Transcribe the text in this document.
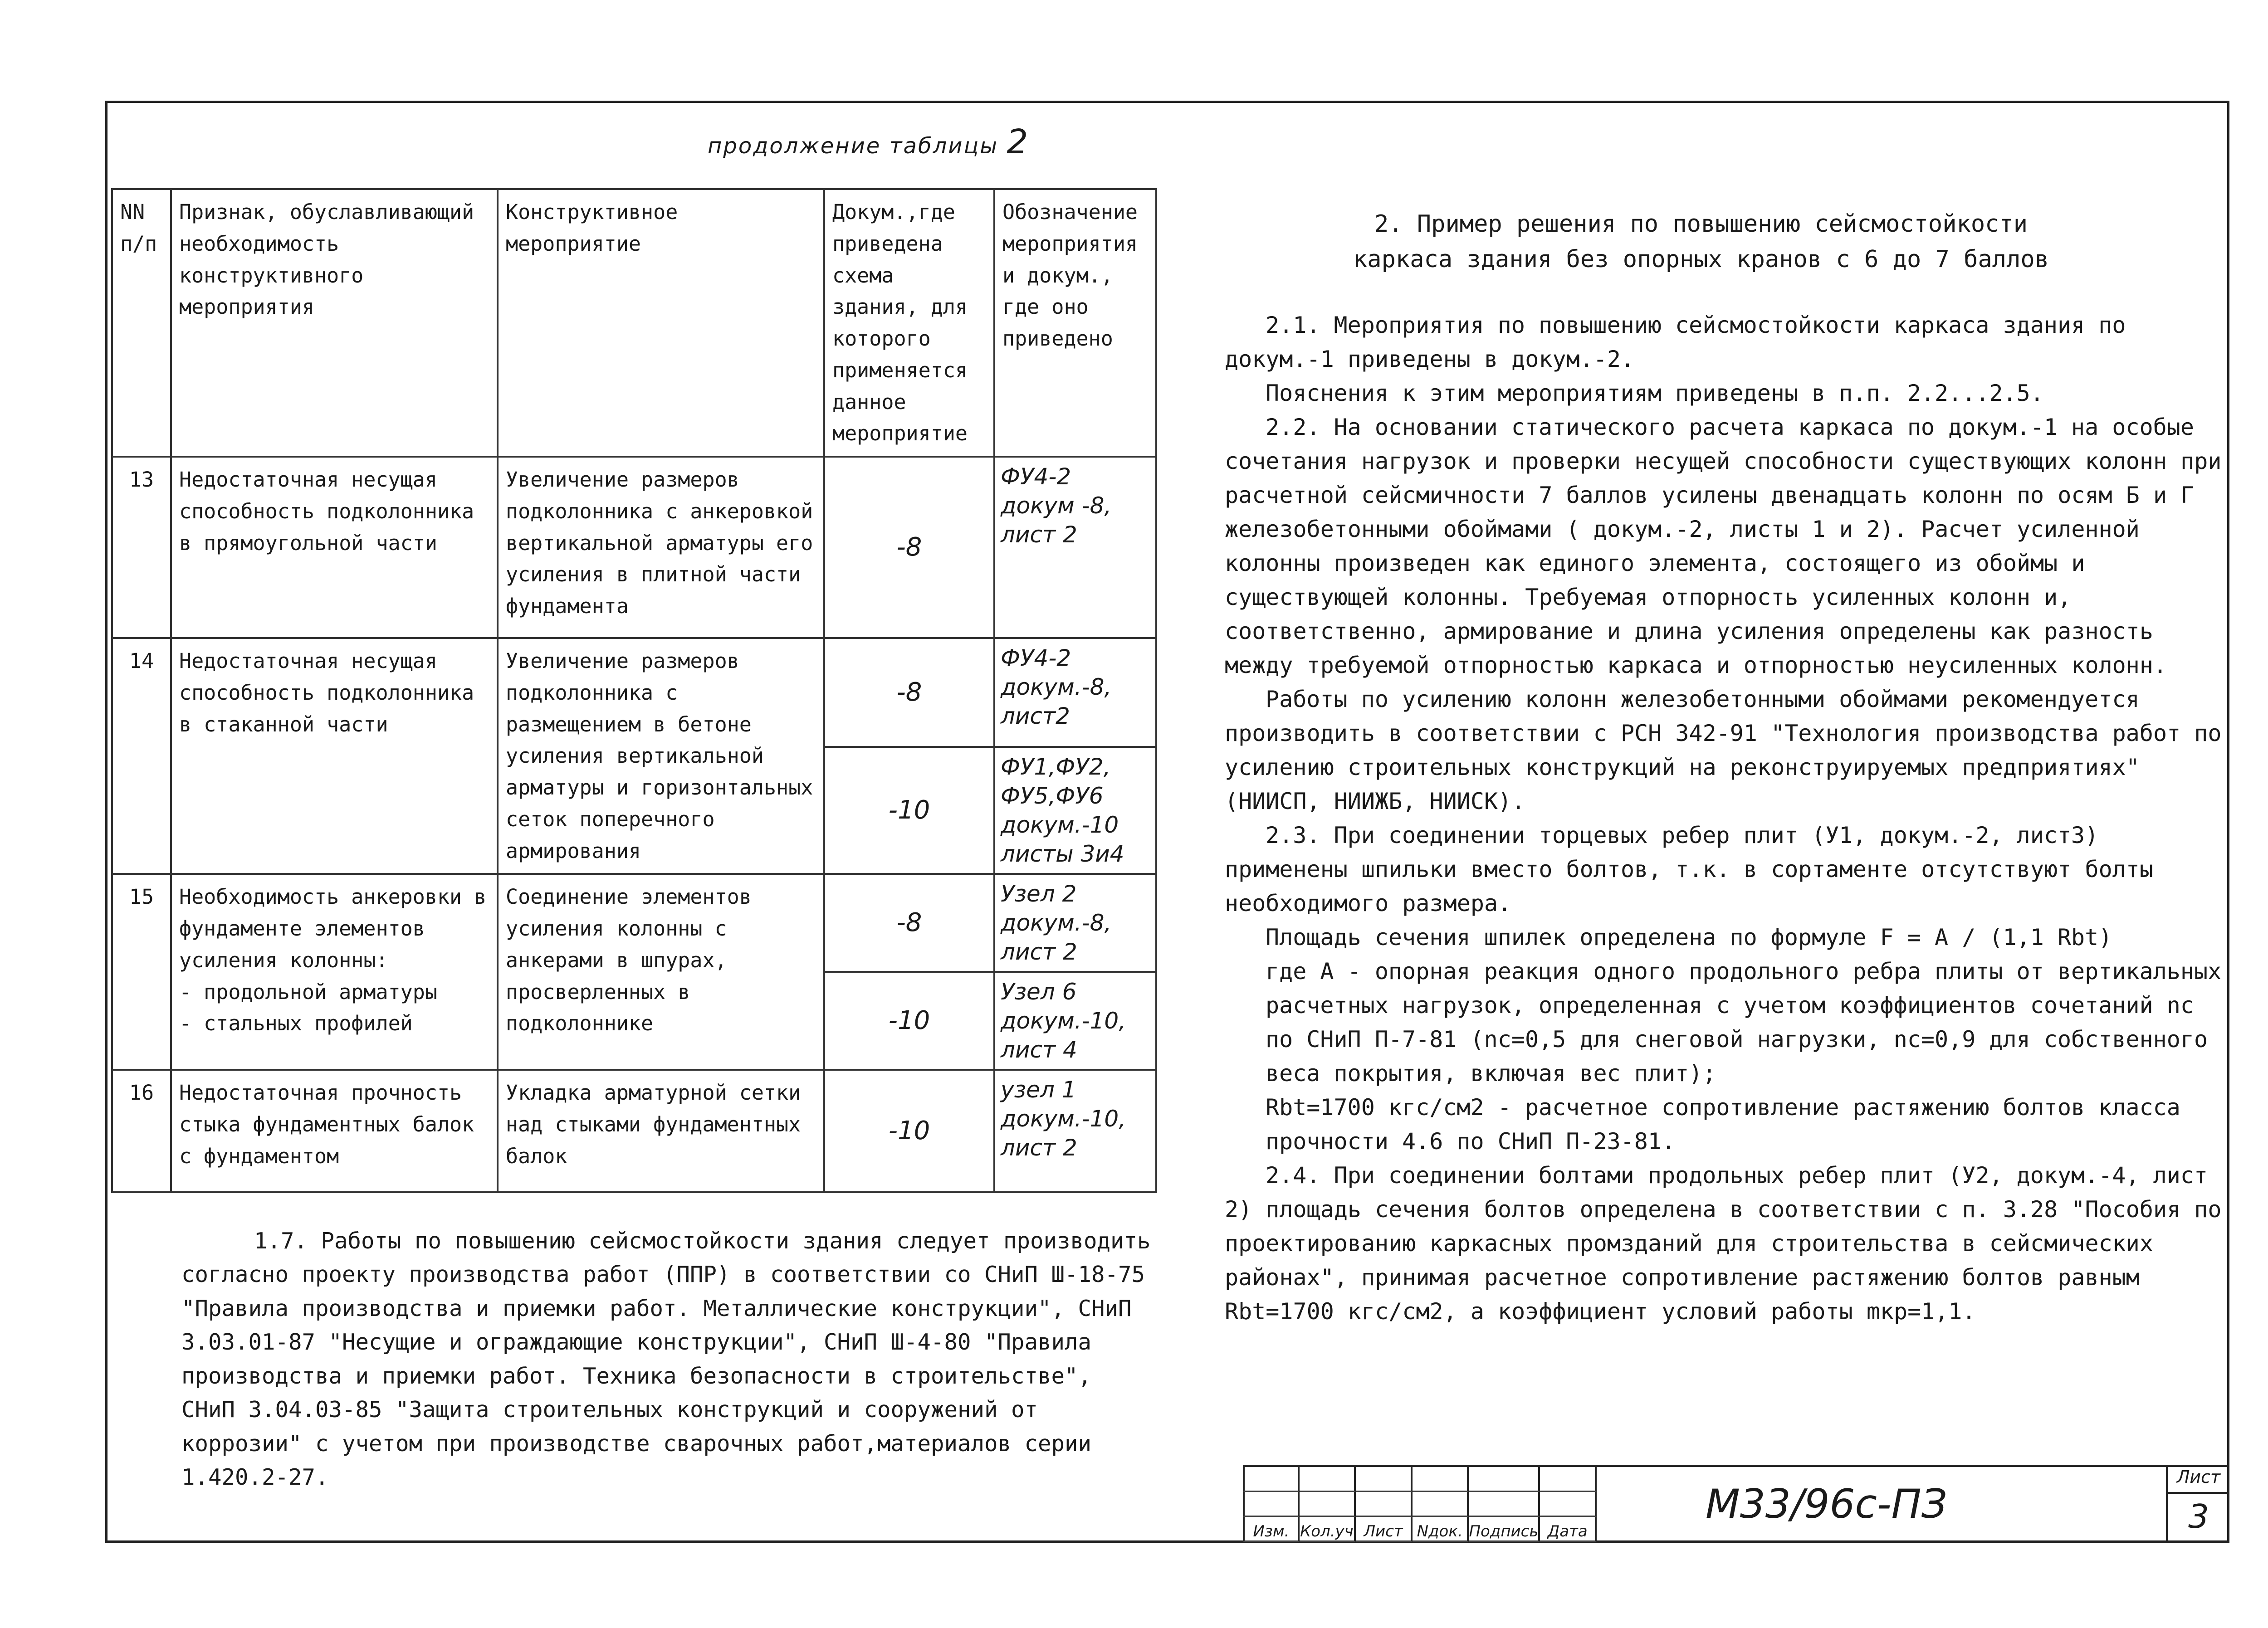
продолжение таблицы 2
NN
п/п	Признак, обуславливающий необходимость конструктивного мероприятия	Конструктивное мероприятие	Докум.,где приведена схема здания, для которого применяется данное мероприятие	Обозначение мероприятия и докум., где оно приведено
13	Недостаточная несущая способность подколонника в прямоугольной части	Увеличение размеров подколонника с анкеровкой вертикальной арматуры его усиления в плитной части фундамента	-8	ФУ4-2
докум -8,
лист 2
14	Недостаточная несущая способность подколонника в стаканной части	Увеличение размеров подколонника с размещением в бетоне усиления вертикальной арматуры и горизонтальных сеток поперечного армирования	-8	ФУ4-2
докум.-8,
лист2
			-10	ФУ1,ФУ2,
ФУ5,ФУ6
докум.-10
листы 3и4
15	Необходимость анкеровки в фундаменте элементов усиления колонны:
- продольной арматуры
- стальных профилей	Соединение элементов усиления колонны с анкерами в шпурах, просверленных в подколоннике	-8	Узел 2
докум.-8,
лист 2
			-10	Узел 6
докум.-10,
лист 4
16	Недостаточная прочность стыка фундаментных балок с фундаментом	Укладка арматурной сетки над стыками фундаментных балок	-10	узел 1
докум.-10,
лист 2
1.7. Работы по повышению сейсмостойкости здания следует производить согласно проекту производства работ (ППР) в соответствии со СНиП Ш-18-75 "Правила производства и приемки работ. Металлические конструкции", СНиП 3.03.01-87 "Несущие и ограждающие конструкции", СНиП Ш-4-80 "Правила производства и приемки работ. Техника безопасности в строительстве", СНиП 3.04.03-85 "Защита строительных конструкций и сооружений от коррозии" с учетом при производстве сварочных работ,материалов серии 1.420.2-27.
2. Пример решения по повышению сейсмостойкости
каркаса здания без опорных кранов с 6 до 7 баллов
2.1. Мероприятия по повышению сейсмостойкости каркаса здания по докум.-1 приведены в докум.-2.
Пояснения к этим мероприятиям приведены в п.п. 2.2...2.5.
2.2. На основании статического расчета каркаса по докум.-1 на особые сочетания нагрузок и проверки несущей способности существующих колонн при расчетной сейсмичности 7 баллов усилены двенадцать колонн по осям Б и Г железобетонными обоймами ( докум.-2, листы 1 и 2). Расчет усиленной колонны произведен как единого элемента, состоящего из обоймы и существующей колонны. Требуемая отпорность усиленных колонн и, соответственно, армирование и длина усиления определены как разность между требуемой отпорностью каркаса и отпорностью неусиленных колонн.
Работы по усилению колонн железобетонными обоймами рекомендуется производить в соответствии с РСН 342-91 "Технология производства работ по усилению строительных конструкций на реконструируемых предприятиях" (НИИСП, НИИЖБ, НИИСК).
2.3. При соединении торцевых ребер плит (У1, докум.-2, лист3) применены шпильки вместо болтов, т.к. в сортаменте отсутствуют болты необходимого размера.
Площадь сечения шпилек определена по формуле F = A / (1,1 Rbt)
где А - опорная реакция одного продольного ребра плиты от вертикальных расчетных нагрузок, определенная с учетом коэффициентов сочетаний nc по СНиП П-7-81 (nc=0,5 для снеговой нагрузки, nc=0,9 для собственного веса покрытия, включая вес плит);
Rbt=1700 кгс/см2 - расчетное сопротивление растяжению болтов класса прочности 4.6 по СНиП П-23-81.
2.4. При соединении болтами продольных ребер плит (У2, докум.-4, лист 2) площадь сечения болтов определена в соответствии с п. 3.28 "Пособия по проектированию каркасных промзданий для строительства в сейсмических районах", принимая расчетное сопротивление растяжению болтов равным Rbt=1700 кгс/см2, а коэффициент условий работы mкр=1,1.
Изм. Кол.уч Лист Nдок. Подпись Дата
М33/96с-ПЗ
Лист
3
